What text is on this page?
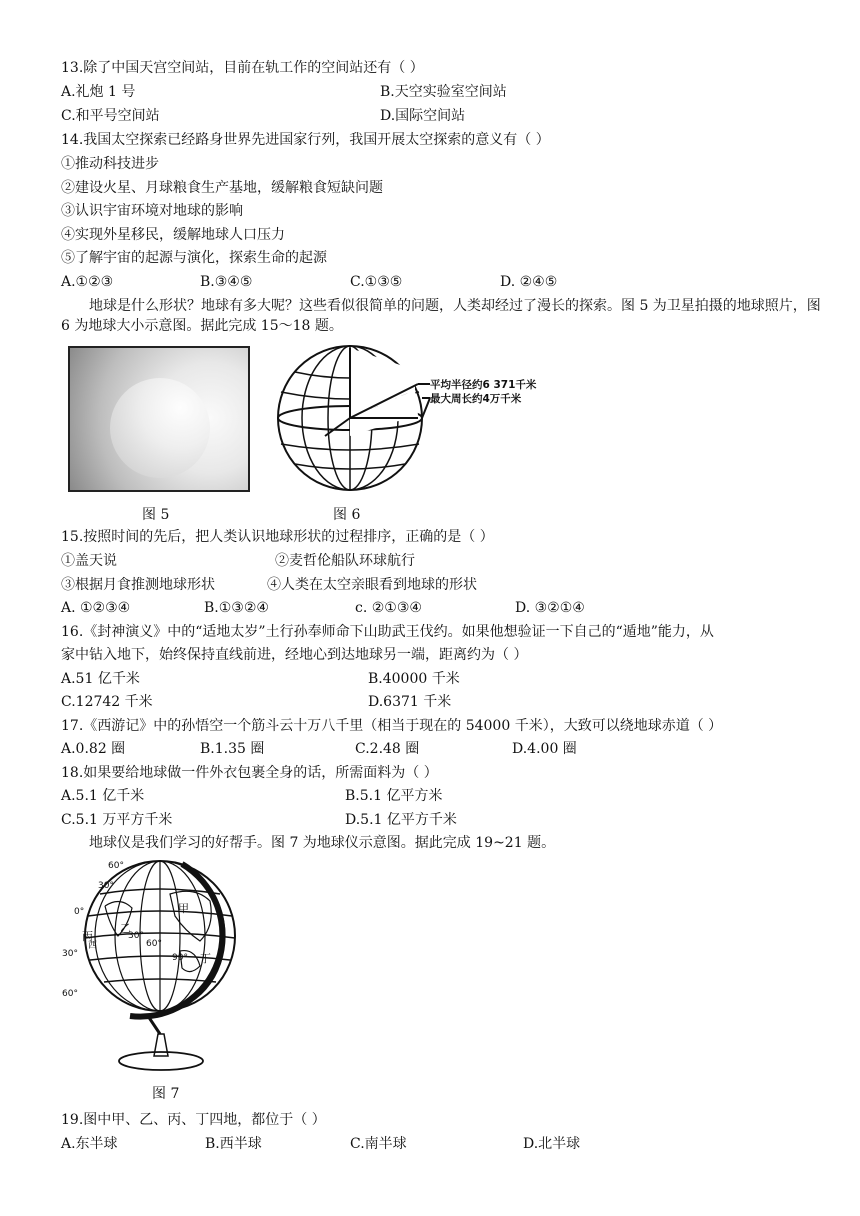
13.除了中国天宫空间站，目前在轨工作的空间站还有（ ）
A.礼炮 1 号	B.天空实验室空间站
C.和平号空间站	D.国际空间站
14.我国太空探索已经路身世界先进国家行列，我国开展太空探索的意义有（ ）
①推动科技进步
②建设火星、月球粮食生产基地，缓解粮食短缺问题
③认识宇宙环境对地球的影响
④实现外星移民，缓解地球人口压力
⑤了解宇宙的起源与演化，探索生命的起源
A.①②③	B.③④⑤	C.①③⑤	D. ②④⑤
地球是什么形状？地球有多大呢？这些看似很简单的问题，人类却经过了漫长的探索。图 5 为卫星拍摄的地球照片，图 6 为地球大小示意图。据此完成 15～18 题。
图 5
平均半径约6 371千米
最大周长约4万千米
图 6
15.按照时间的先后，把人类认识地球形状的过程排序，正确的是（ ）
①盖天说	②麦哲伦船队环球航行
③根据月食推测地球形状	④人类在太空亲眼看到地球的形状
A. ①②③④	B.①③②④	c. ②①③④	D. ③②①④
16.《封神演义》中的“适地太岁”土行孙奉师命下山助武王伐约。如果他想验证一下自己的“遁地”能力，从
家中钻入地下，始终保持直线前进，经地心到达地球另一端，距离约为（ ）
A.51 亿千米	B.40000 千米
C.12742 千米	D.6371 千米
17.《西游记》中的孙悟空一个筋斗云十万八千里（相当于现在的 54000 千米），大致可以绕地球赤道（ ）
A.0.82 圈	B.1.35 圈	C.2.48 圈	D.4.00 圈
18.如果要给地球做一件外衣包裹全身的话，所需面料为（ ）
A.5.1 亿千米	B.5.1 亿平方米
C.5.1 万平方千米	D.5.1 亿平方千米
地球仪是我们学习的好帮手。图 7 为地球仪示意图。据此完成 19~21 题。
60°
30°
0°
30°
60°
乙
甲
丙
丁
西
30°
60°
90°
图 7
19.图中甲、乙、丙、丁四地，都位于（ ）
A.东半球	B.西半球	C.南半球	D.北半球
